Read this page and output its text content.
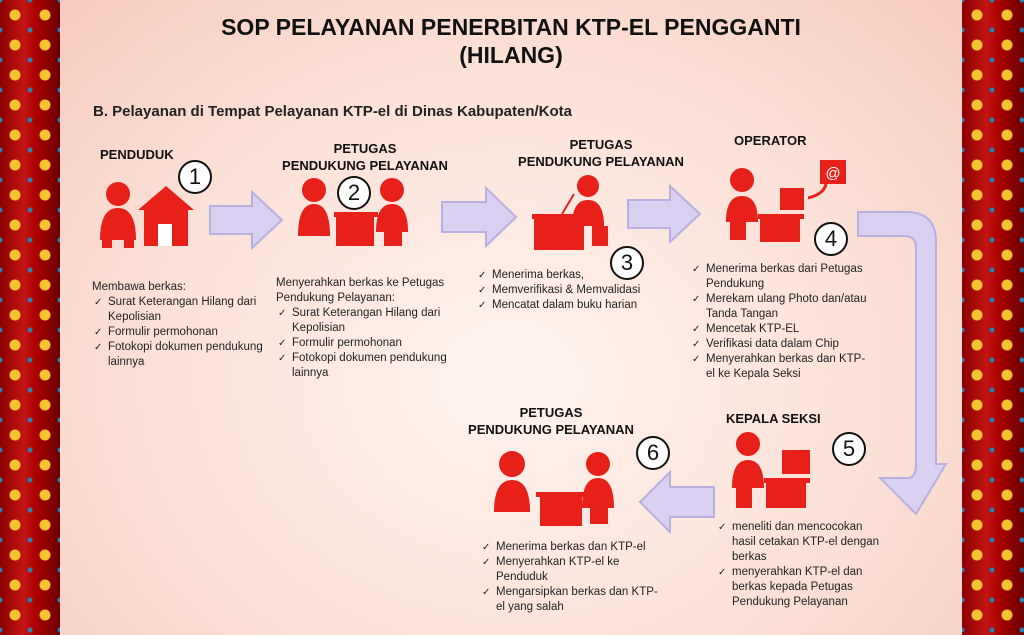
SOP PELAYANAN PENERBITAN KTP-EL PENGGANTI
(HILANG)
B. Pelayanan di Tempat Pelayanan KTP-el di Dinas Kabupaten/Kota
PENDUDUK
1
Membawa berkas:
✓ Surat Keterangan Hilang dari Kepolisian
✓ Formulir permohonan
✓ Fotokopi dokumen pendukung lainnya
PETUGAS
PENDUKUNG PELAYANAN
2
Menyerahkan berkas ke Petugas Pendukung Pelayanan:
✓ Surat Keterangan Hilang dari Kepolisian
✓ Formulir permohonan
✓ Fotokopi dokumen pendukung lainnya
PETUGAS
PENDUKUNG PELAYANAN
3
✓ Menerima berkas,
✓ Memverifikasi & Memvalidasi
✓ Mencatat dalam buku harian
OPERATOR
@
4
✓ Menerima berkas dari Petugas Pendukung
✓ Merekam ulang Photo dan/atau Tanda Tangan
✓ Mencetak KTP-EL
✓ Verifikasi data dalam Chip
✓ Menyerahkan berkas dan KTP-el ke Kepala Seksi
KEPALA SEKSI
5
✓ meneliti dan mencocokan hasil cetakan KTP-el dengan berkas
✓ menyerahkan KTP-el dan berkas kepada Petugas Pendukung Pelayanan
PETUGAS
PENDUKUNG PELAYANAN
6
✓ Menerima berkas dan KTP-el
✓ Menyerahkan KTP-el ke Penduduk
✓ Mengarsipkan berkas dan KTP-el yang salah
